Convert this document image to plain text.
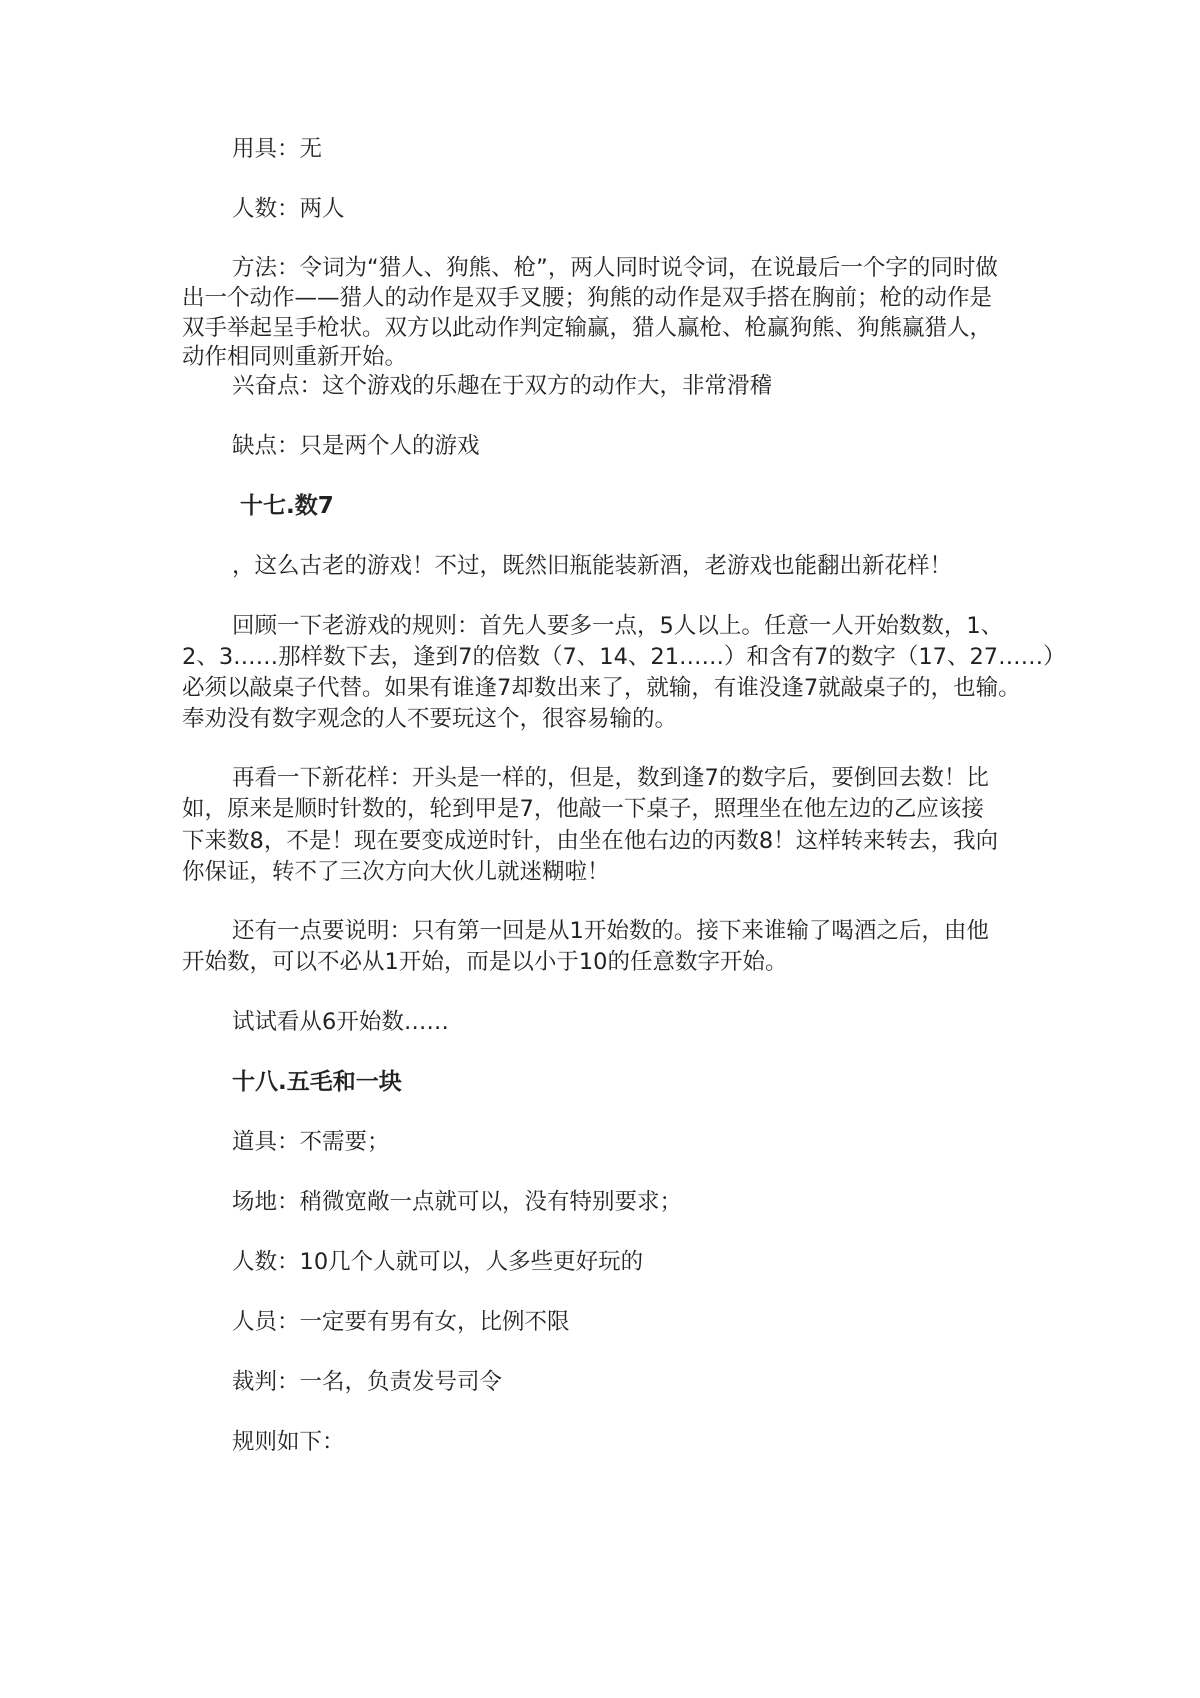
用具：无
人数：两人
方法：令词为“猎人、狗熊、枪”，两人同时说令词，在说最后一个字的同时做
出一个动作——猎人的动作是双手叉腰；狗熊的动作是双手搭在胸前；枪的动作是
双手举起呈手枪状。双方以此动作判定输赢，猎人赢枪、枪赢狗熊、狗熊赢猎人，
动作相同则重新开始。
兴奋点：这个游戏的乐趣在于双方的动作大，非常滑稽
缺点：只是两个人的游戏
十七.数7
，这么古老的游戏！不过，既然旧瓶能装新酒，老游戏也能翻出新花样！
回顾一下老游戏的规则：首先人要多一点，5人以上。任意一人开始数数，1、
2、3……那样数下去，逢到7的倍数（7、14、21……）和含有7的数字（17、27……）
必须以敲桌子代替。如果有谁逢7却数出来了，就输，有谁没逢7就敲桌子的，也输。
奉劝没有数字观念的人不要玩这个，很容易输的。
再看一下新花样：开头是一样的，但是，数到逢7的数字后，要倒回去数！比
如，原来是顺时针数的，轮到甲是7，他敲一下桌子，照理坐在他左边的乙应该接
下来数8，不是！现在要变成逆时针，由坐在他右边的丙数8！这样转来转去，我向
你保证，转不了三次方向大伙儿就迷糊啦！
还有一点要说明：只有第一回是从1开始数的。接下来谁输了喝酒之后，由他
开始数，可以不必从1开始，而是以小于10的任意数字开始。
试试看从6开始数……
十八.五毛和一块
道具：不需要；
场地：稍微宽敞一点就可以，没有特别要求；
人数：10几个人就可以，人多些更好玩的
人员：一定要有男有女，比例不限
裁判：一名，负责发号司令
规则如下：
